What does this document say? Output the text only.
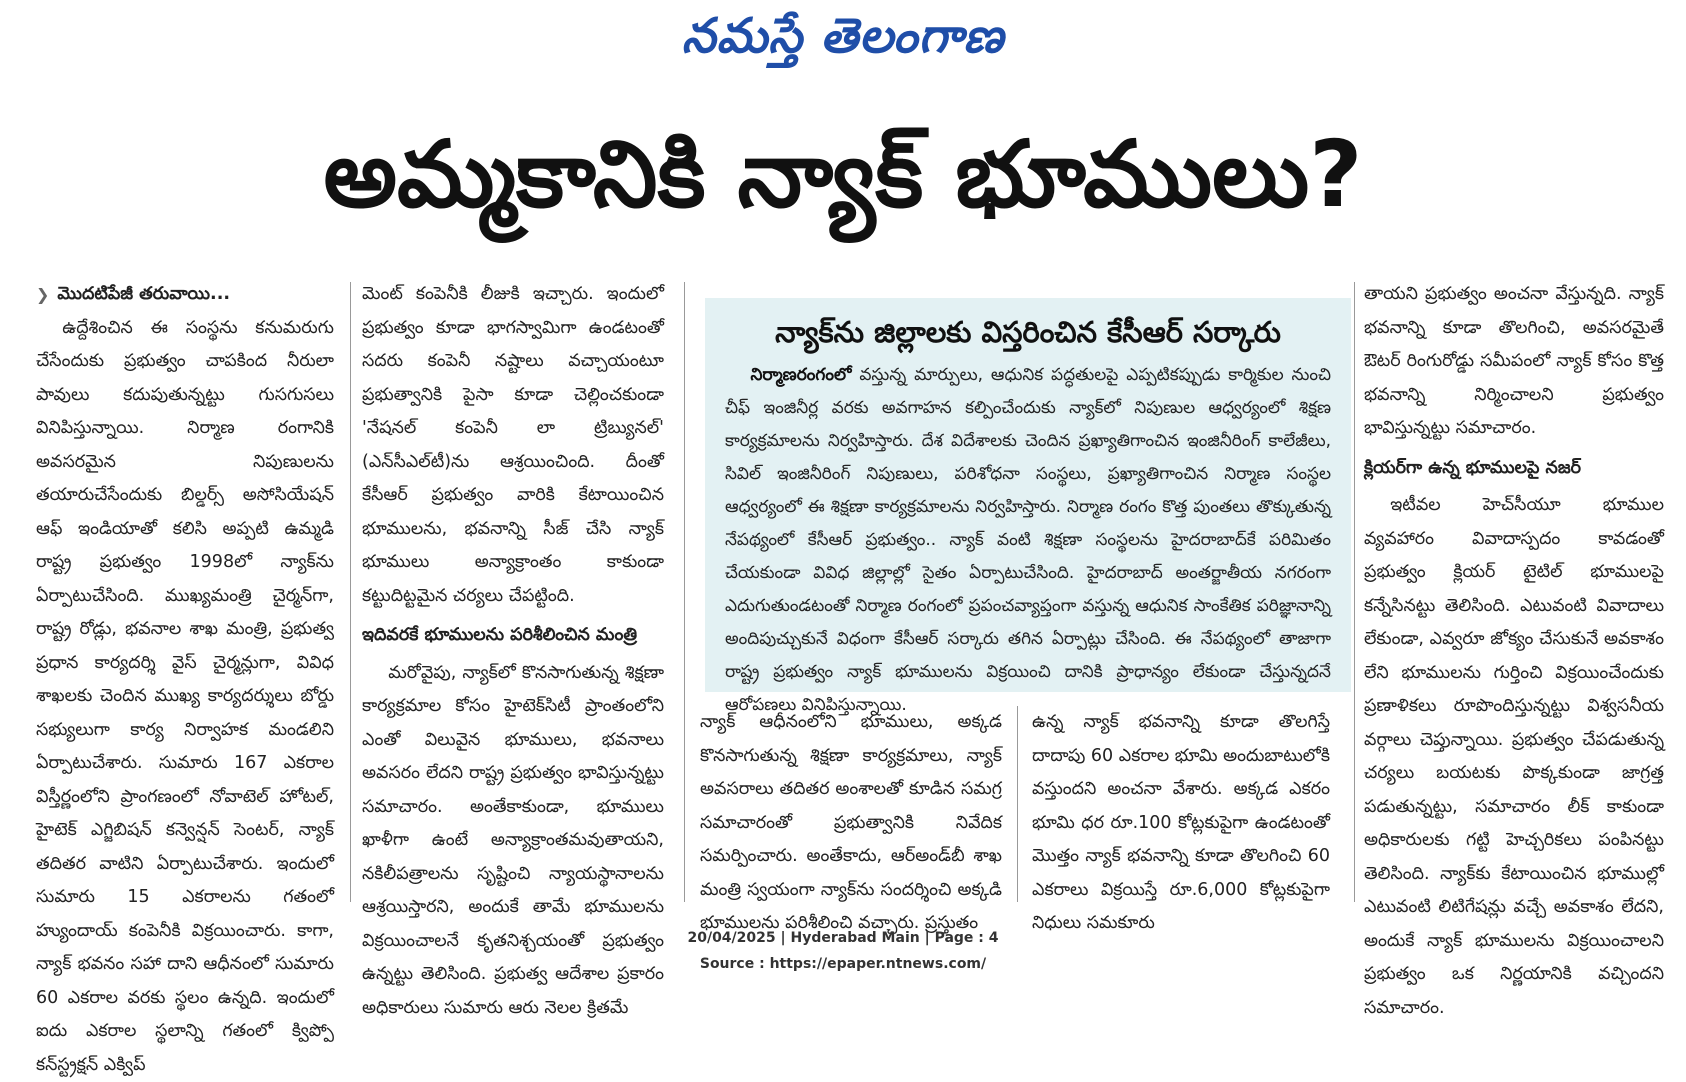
నమస్తే తెలంగాణ
అమ్మకానికి న్యాక్ భూములు?
❯ మొదటిపేజీ తరువాయి...

ఉద్దేశించిన ఈ సంస్థను కనుమరుగు చేసేందుకు ప్రభుత్వం చాపకింద నీరులా పావులు కదుపుతున్నట్టు గుసగుసలు వినిపిస్తున్నాయి. నిర్మాణ రంగానికి అవసరమైన నిపుణులను తయారుచేసేందుకు బిల్డర్స్ అసోసియేషన్ ఆఫ్ ఇండియాతో కలిసి అప్పటి ఉమ్మడి రాష్ట్ర ప్రభుత్వం 1998లో న్యాక్‌ను ఏర్పాటుచేసింది. ముఖ్యమంత్రి చైర్మన్‌గా, రాష్ట్ర రోడ్లు, భవనాల శాఖ మంత్రి, ప్రభుత్వ ప్రధాన కార్యదర్శి వైస్ చైర్మన్లుగా, వివిధ శాఖలకు చెందిన ముఖ్య కార్యదర్శులు బోర్డు సభ్యులుగా కార్య నిర్వాహక మండలిని ఏర్పాటుచేశారు. సుమారు 167 ఎకరాల విస్తీర్ణంలోని ప్రాంగణంలో నోవాటెల్ హోటల్, హైటెక్ ఎగ్జిబిషన్ కన్వెన్షన్ సెంటర్, న్యాక్ తదితర వాటిని ఏర్పాటుచేశారు. ఇందులో సుమారు 15 ఎకరాలను గతంలో హ్యుందాయ్ కంపెనీకి విక్రయించారు. కాగా, న్యాక్ భవనం సహా దాని ఆధీనంలో సుమారు 60 ఎకరాల వరకు స్థలం ఉన్నది. ఇందులో ఐదు ఎకరాల స్థలాన్ని గతంలో క్విప్పో కన్‌స్ట్రక్షన్ ఎక్విప్

మెంట్ కంపెనీకి లీజుకి ఇచ్చారు. ఇందులో ప్రభుత్వం కూడా భాగస్వామిగా ఉండటంతో సదరు కంపెనీ నష్టాలు వచ్చాయంటూ ప్రభుత్వానికి పైసా కూడా చెల్లించకుండా 'నేషనల్ కంపెనీ లా ట్రిబ్యునల్' (ఎన్‌సీఎల్‌టీ)ను ఆశ్రయించింది. దీంతో కేసీఆర్ ప్రభుత్వం వారికి కేటాయించిన భూములను, భవనాన్ని సీజ్ చేసి న్యాక్ భూములు అన్యాక్రాంతం కాకుండా కట్టుదిట్టమైన చర్యలు చేపట్టింది.

ఇదివరకే భూములను పరిశీలించిన మంత్రి

మరోవైపు, న్యాక్‌లో కొనసాగుతున్న శిక్షణా కార్యక్రమాల కోసం హైటెక్‌సిటీ ప్రాంతంలోని ఎంతో విలువైన భూములు, భవనాలు అవసరం లేదని రాష్ట్ర ప్రభుత్వం భావిస్తున్నట్టు సమాచారం. అంతేకాకుండా, భూములు ఖాళీగా ఉంటే అన్యాక్రాంతమవుతాయని, నకిలీపత్రాలను సృష్టించి న్యాయస్థానాలను ఆశ్రయిస్తారని, అందుకే తామే భూములను విక్రయించాలనే కృతనిశ్చయంతో ప్రభుత్వం ఉన్నట్టు తెలిసింది. ప్రభుత్వ ఆదేశాల ప్రకారం అధికారులు సుమారు ఆరు నెలల క్రితమే

న్యాక్‌ను జిల్లాలకు విస్తరించిన కేసీఆర్ సర్కారు

నిర్మాణరంగంలో వస్తున్న మార్పులు, ఆధునిక పద్ధతులపై ఎప్పటికప్పుడు కార్మికుల నుంచి చీఫ్ ఇంజినీర్ల వరకు అవగాహన కల్పించేందుకు న్యాక్‌లో నిపుణుల ఆధ్వర్యంలో శిక్షణ కార్యక్రమాలను నిర్వహిస్తారు. దేశ విదేశాలకు చెందిన ప్రఖ్యాతిగాంచిన ఇంజినీరింగ్ కాలేజీలు, సివిల్ ఇంజినీరింగ్ నిపుణులు, పరిశోధనా సంస్థలు, ప్రఖ్యాతిగాంచిన నిర్మాణ సంస్థల ఆధ్వర్యంలో ఈ శిక్షణా కార్యక్రమాలను నిర్వహిస్తారు. నిర్మాణ రంగం కొత్త పుంతలు తొక్కుతున్న నేపథ్యంలో కేసీఆర్ ప్రభుత్వం.. న్యాక్ వంటి శిక్షణా సంస్థలను హైదరాబాద్‌కే పరిమితం చేయకుండా వివిధ జిల్లాల్లో సైతం ఏర్పాటుచేసింది. హైదరాబాద్ అంతర్జాతీయ నగరంగా ఎదుగుతుండటంతో నిర్మాణ రంగంలో ప్రపంచవ్యాప్తంగా వస్తున్న ఆధునిక సాంకేతిక పరిజ్ఞానాన్ని అందిపుచ్చుకునే విధంగా కేసీఆర్ సర్కారు తగిన ఏర్పాట్లు చేసింది. ఈ నేపథ్యంలో తాజాగా రాష్ట్ర ప్రభుత్వం న్యాక్ భూములను విక్రయించి దానికి ప్రాధాన్యం లేకుండా చేస్తున్నదనే ఆరోపణలు వినిపిస్తున్నాయి.

న్యాక్ ఆధీనంలోని భూములు, అక్కడ కొనసాగుతున్న శిక్షణా కార్యక్రమాలు, న్యాక్ అవసరాలు తదితర అంశాలతో కూడిన సమగ్ర సమాచారంతో ప్రభుత్వానికి నివేదిక సమర్పించారు. అంతేకాదు, ఆర్‌అండ్‌బీ శాఖ మంత్రి స్వయంగా న్యాక్‌ను సందర్శించి అక్కడి భూములను పరిశీలించి వచ్చారు. ప్రస్తుతం

ఉన్న న్యాక్ భవనాన్ని కూడా తొలగిస్తే దాదాపు 60 ఎకరాల భూమి అందుబాటులోకి వస్తుందని అంచనా వేశారు. అక్కడ ఎకరం భూమి ధర రూ.100 కోట్లకుపైగా ఉండటంతో మొత్తం న్యాక్ భవనాన్ని కూడా తొలగించి 60 ఎకరాలు విక్రయిస్తే రూ.6,000 కోట్లకుపైగా నిధులు సమకూరు

తాయని ప్రభుత్వం అంచనా వేస్తున్నది. న్యాక్ భవనాన్ని కూడా తొలగించి, అవసరమైతే ఔటర్ రింగురోడ్డు సమీపంలో న్యాక్ కోసం కొత్త భవనాన్ని నిర్మించాలని ప్రభుత్వం భావిస్తున్నట్టు సమాచారం.

క్లియర్‌గా ఉన్న భూములపై నజర్

ఇటీవల హెచ్‌సీయూ భూముల వ్యవహారం వివాదాస్పదం కావడంతో ప్రభుత్వం క్లియర్ టైటిల్ భూములపై కన్నేసినట్టు తెలిసింది. ఎటువంటి వివాదాలు లేకుండా, ఎవ్వరూ జోక్యం చేసుకునే అవకాశం లేని భూములను గుర్తించి విక్రయించేందుకు ప్రణాళికలు రూపొందిస్తున్నట్టు విశ్వసనీయ వర్గాలు చెప్తున్నాయి. ప్రభుత్వం చేపడుతున్న చర్యలు బయటకు పొక్కకుండా జాగ్రత్త పడుతున్నట్టు, సమాచారం లీక్ కాకుండా అధికారులకు గట్టి హెచ్చరికలు పంపినట్టు తెలిసింది. న్యాక్‌కు కేటాయించిన భూముల్లో ఎటువంటి లిటిగేషన్లు వచ్చే అవకాశం లేదని, అందుకే న్యాక్ భూములను విక్రయించాలని ప్రభుత్వం ఒక నిర్ణయానికి వచ్చిందని సమాచారం.

20/04/2025 | Hyderabad Main | Page : 4
Source : https://epaper.ntnews.com/
